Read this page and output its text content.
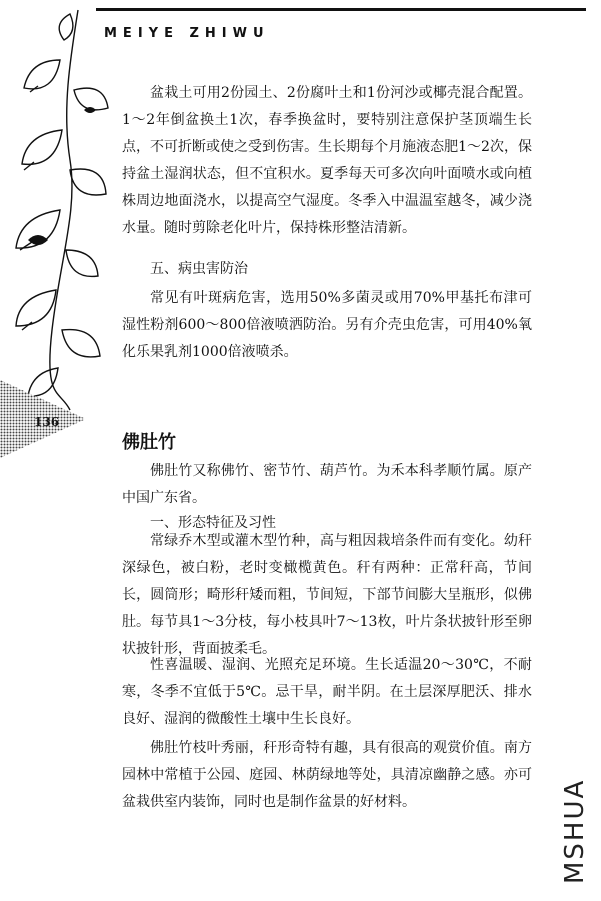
MEIYE ZHIWU

盆栽土可用2份园土、2份腐叶土和1份河沙或椰壳混合配置。1～2年倒盆换土1次，春季换盆时，要特别注意保护茎顶端生长点，不可折断或使之受到伤害。生长期每个月施液态肥1～2次，保持盆土湿润状态，但不宜积水。夏季每天可多次向叶面喷水或向植株周边地面浇水，以提高空气湿度。冬季入中温温室越冬，减少浇水量。随时剪除老化叶片，保持株形整洁清新。

五、病虫害防治

常见有叶斑病危害，选用50%多菌灵或用70%甲基托布津可湿性粉剂600～800倍液喷洒防治。另有介壳虫危害，可用40%氧化乐果乳剂1000倍液喷杀。

136
佛肚竹

佛肚竹又称佛竹、密节竹、葫芦竹。为禾本科孝顺竹属。原产中国广东省。

一、形态特征及习性

常绿乔木型或灌木型竹种，高与粗因栽培条件而有变化。幼秆深绿色，被白粉，老时变橄榄黄色。秆有两种：正常秆高，节间长，圆筒形；畸形秆矮而粗，节间短，下部节间膨大呈瓶形，似佛肚。每节具1～3分枝，每小枝具叶7～13枚，叶片条状披针形至卵状披针形，背面披柔毛。

性喜温暖、湿润、光照充足环境。生长适温20～30℃，不耐寒，冬季不宜低于5℃。忌干旱，耐半阴。在土层深厚肥沃、排水良好、湿润的微酸性土壤中生长良好。

佛肚竹枝叶秀丽，秆形奇特有趣，具有很高的观赏价值。南方园林中常植于公园、庭园、林荫绿地等处，具清凉幽静之感。亦可盆栽供室内装饰，同时也是制作盆景的好材料。	MSHUA
